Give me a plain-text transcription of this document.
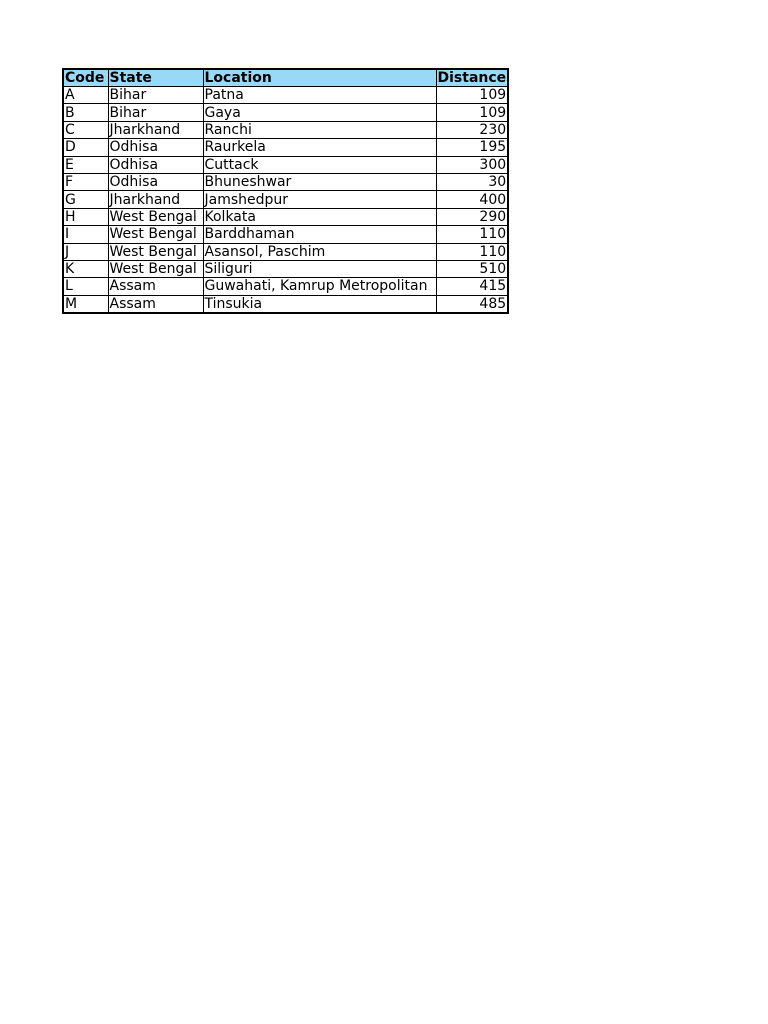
Code	State	Location	Distance
A	Bihar	Patna	109
B	Bihar	Gaya	109
C	Jharkhand	Ranchi	230
D	Odhisa	Raurkela	195
E	Odhisa	Cuttack	300
F	Odhisa	Bhuneshwar	30
G	Jharkhand	Jamshedpur	400
H	West Bengal	Kolkata	290
I	West Bengal	Barddhaman	110
J	West Bengal	Asansol, Paschim	110
K	West Bengal	Siliguri	510
L	Assam	Guwahati, Kamrup Metropolitan	415
M	Assam	Tinsukia	485
